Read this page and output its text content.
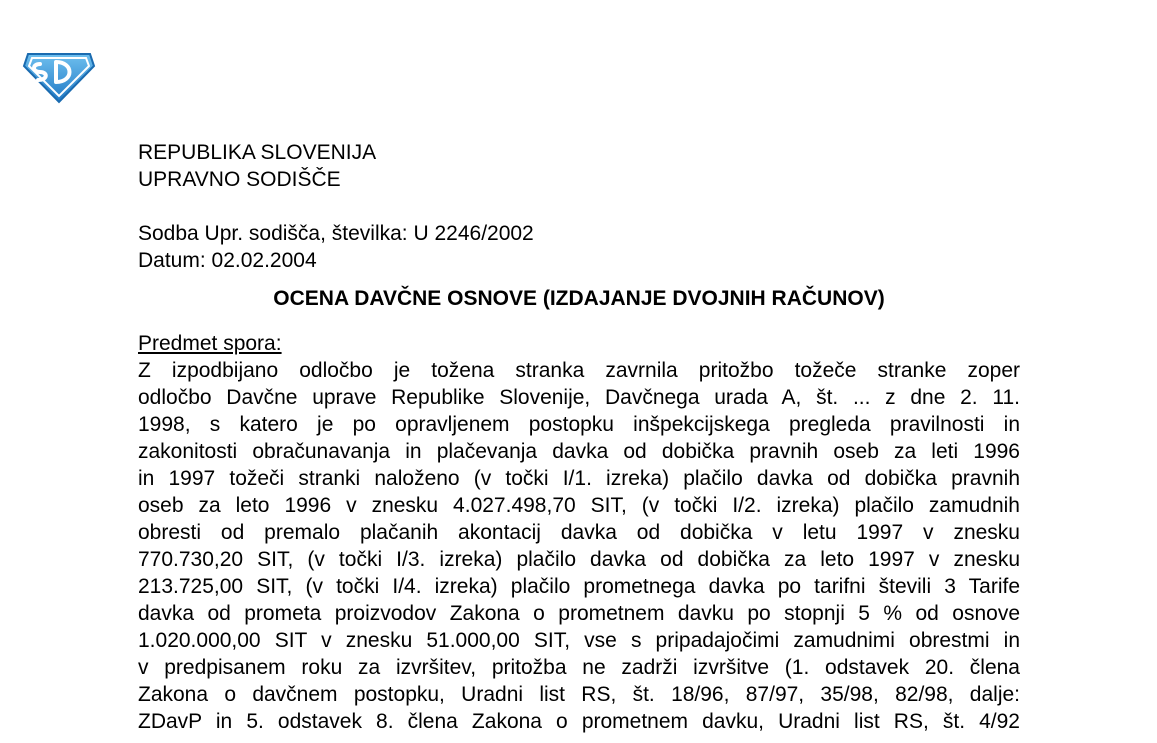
REPUBLIKA SLOVENIJA
UPRAVNO SODIŠČE
Sodba Upr. sodišča, številka: U 2246/2002
Datum: 02.02.2004
OCENA DAVČNE OSNOVE (IZDAJANJE DVOJNIH RAČUNOV)
Predmet spora:
Z izpodbijano odločbo je tožena stranka zavrnila pritožbo tožeče stranke zoper
odločbo Davčne uprave Republike Slovenije, Davčnega urada A, št. ... z dne 2. 11.
1998, s katero je po opravljenem postopku inšpekcijskega pregleda pravilnosti in
zakonitosti obračunavanja in plačevanja davka od dobička pravnih oseb za leti 1996
in 1997 tožeči stranki naloženo (v točki I/1. izreka) plačilo davka od dobička pravnih
oseb za leto 1996 v znesku 4.027.498,70 SIT, (v točki I/2. izreka) plačilo zamudnih
obresti od premalo plačanih akontacij davka od dobička v letu 1997 v znesku
770.730,20 SIT, (v točki I/3. izreka) plačilo davka od dobička za leto 1997 v znesku
213.725,00 SIT, (v točki I/4. izreka) plačilo prometnega davka po tarifni števili 3 Tarife
davka od prometa proizvodov Zakona o prometnem davku po stopnji 5 % od osnove
1.020.000,00 SIT v znesku 51.000,00 SIT, vse s pripadajočimi zamudnimi obrestmi in
v predpisanem roku za izvršitev, pritožba ne zadrži izvršitve (1. odstavek 20. člena
Zakona o davčnem postopku, Uradni list RS, št. 18/96, 87/97, 35/98, 82/98, dalje:
ZDavP in 5. odstavek 8. člena Zakona o prometnem davku, Uradni list RS, št. 4/92
